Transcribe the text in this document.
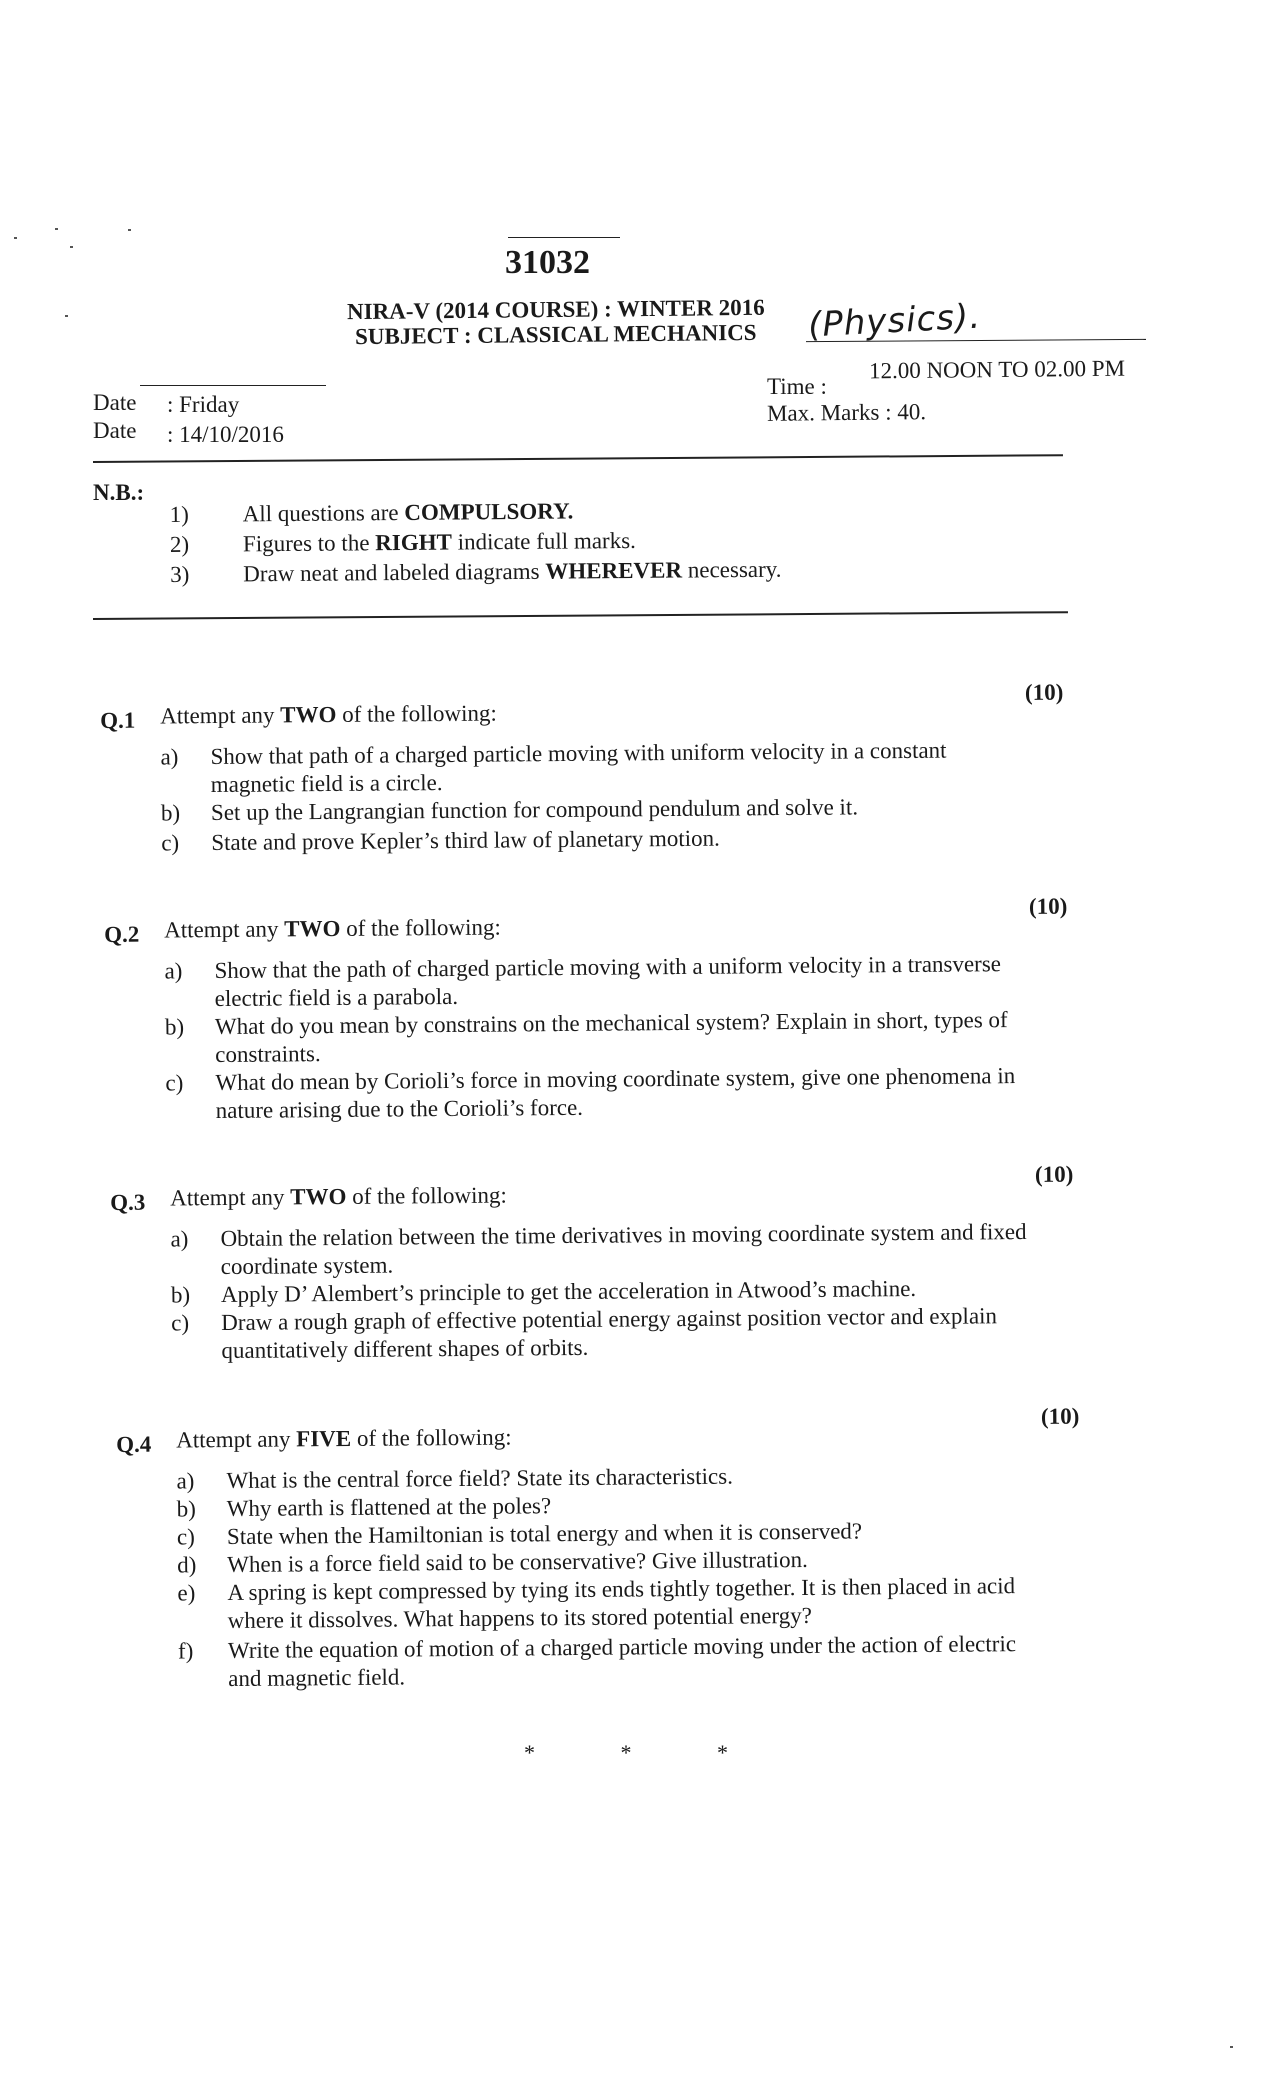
31032
NIRA-V (2014 COURSE) : WINTER 2016
SUBJECT : CLASSICAL MECHANICS (Physics).
Date : Friday
Date : 14/10/2016
Time :
12.00 NOON TO 02.00 PM
Max. Marks : 40.
N.B.:
1)	All questions are COMPULSORY.
2)	Figures to the RIGHT indicate full marks.
3)	Draw neat and labeled diagrams WHEREVER necessary.
Q.1 Attempt any TWO of the following:
(10)
a)	Show that path of a charged particle moving with uniform velocity in a constant magnetic field is a circle.
b)	Set up the Langrangian function for compound pendulum and solve it.
c)	State and prove Kepler’s third law of planetary motion.
Q.2 Attempt any TWO of the following:
(10)
a)	Show that the path of charged particle moving with a uniform velocity in a transverse electric field is a parabola.
b)	What do you mean by constrains on the mechanical system? Explain in short, types of constraints.
c)	What do mean by Corioli’s force in moving coordinate system, give one phenomena in nature arising due to the Corioli’s force.
Q.3 Attempt any TWO of the following:
(10)
a)	Obtain the relation between the time derivatives in moving coordinate system and fixed coordinate system.
b)	Apply D’ Alembert’s principle to get the acceleration in Atwood’s machine.
c)	Draw a rough graph of effective potential energy against position vector and explain quantitatively different shapes of orbits.
Q.4 Attempt any FIVE of the following:
(10)
a)	What is the central force field? State its characteristics.
b)	Why earth is flattened at the poles?
c)	State when the Hamiltonian is total energy and when it is conserved?
d)	When is a force field said to be conservative? Give illustration.
e)	A spring is kept compressed by tying its ends tightly together. It is then placed in acid where it dissolves. What happens to its stored potential energy?
f)	Write the equation of motion of a charged particle moving under the action of electric and magnetic field.
* * *
